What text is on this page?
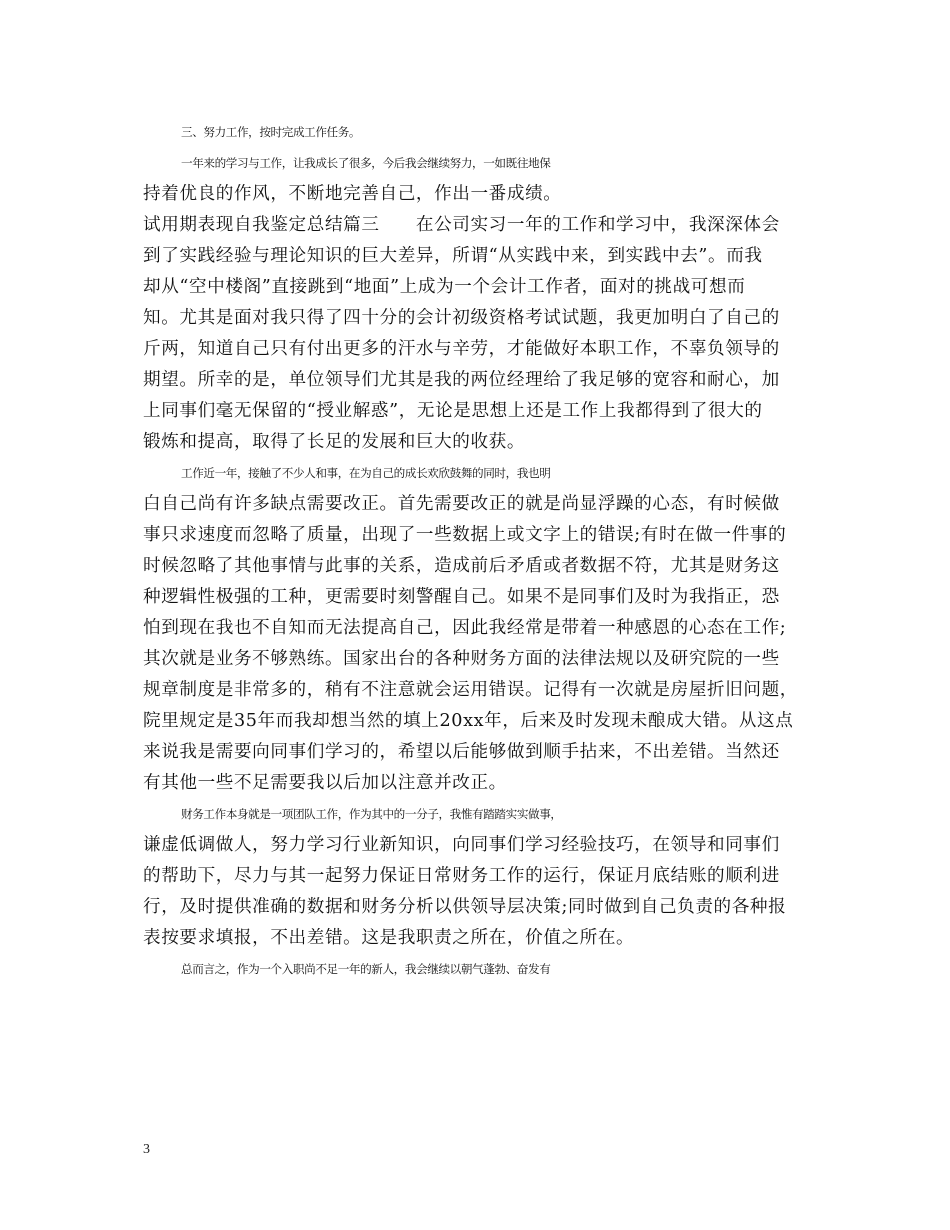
三、努力工作，按时完成工作任务。
一年来的学习与工作，让我成长了很多，今后我会继续努力，一如既往地保
持着优良的作风，不断地完善自己，作出一番成绩。
试用期表现自我鉴定总结篇三　　在公司实习一年的工作和学习中，我深深体会
到了实践经验与理论知识的巨大差异，所谓“从实践中来，到实践中去”。而我
却从“空中楼阁”直接跳到“地面”上成为一个会计工作者，面对的挑战可想而
知。尤其是面对我只得了四十分的会计初级资格考试试题，我更加明白了自己的
斤两，知道自己只有付出更多的汗水与辛劳，才能做好本职工作，不辜负领导的
期望。所幸的是，单位领导们尤其是我的两位经理给了我足够的宽容和耐心，加
上同事们毫无保留的“授业解惑”，无论是思想上还是工作上我都得到了很大的
锻炼和提高，取得了长足的发展和巨大的收获。
工作近一年，接触了不少人和事，在为自己的成长欢欣鼓舞的同时，我也明
白自己尚有许多缺点需要改正。首先需要改正的就是尚显浮躁的心态，有时候做
事只求速度而忽略了质量，出现了一些数据上或文字上的错误;有时在做一件事的
时候忽略了其他事情与此事的关系，造成前后矛盾或者数据不符，尤其是财务这
种逻辑性极强的工种，更需要时刻警醒自己。如果不是同事们及时为我指正，恐
怕到现在我也不自知而无法提高自己，因此我经常是带着一种感恩的心态在工作;
其次就是业务不够熟练。国家出台的各种财务方面的法律法规以及研究院的一些
规章制度是非常多的，稍有不注意就会运用错误。记得有一次就是房屋折旧问题，
院里规定是35年而我却想当然的填上20xx年，后来及时发现未酿成大错。从这点
来说我是需要向同事们学习的，希望以后能够做到顺手拈来，不出差错。当然还
有其他一些不足需要我以后加以注意并改正。
财务工作本身就是一项团队工作，作为其中的一分子，我惟有踏踏实实做事，
谦虚低调做人，努力学习行业新知识，向同事们学习经验技巧，在领导和同事们
的帮助下，尽力与其一起努力保证日常财务工作的运行，保证月底结账的顺利进
行，及时提供准确的数据和财务分析以供领导层决策;同时做到自己负责的各种报
表按要求填报，不出差错。这是我职责之所在，价值之所在。
总而言之，作为一个入职尚不足一年的新人，我会继续以朝气蓬勃、奋发有
3
